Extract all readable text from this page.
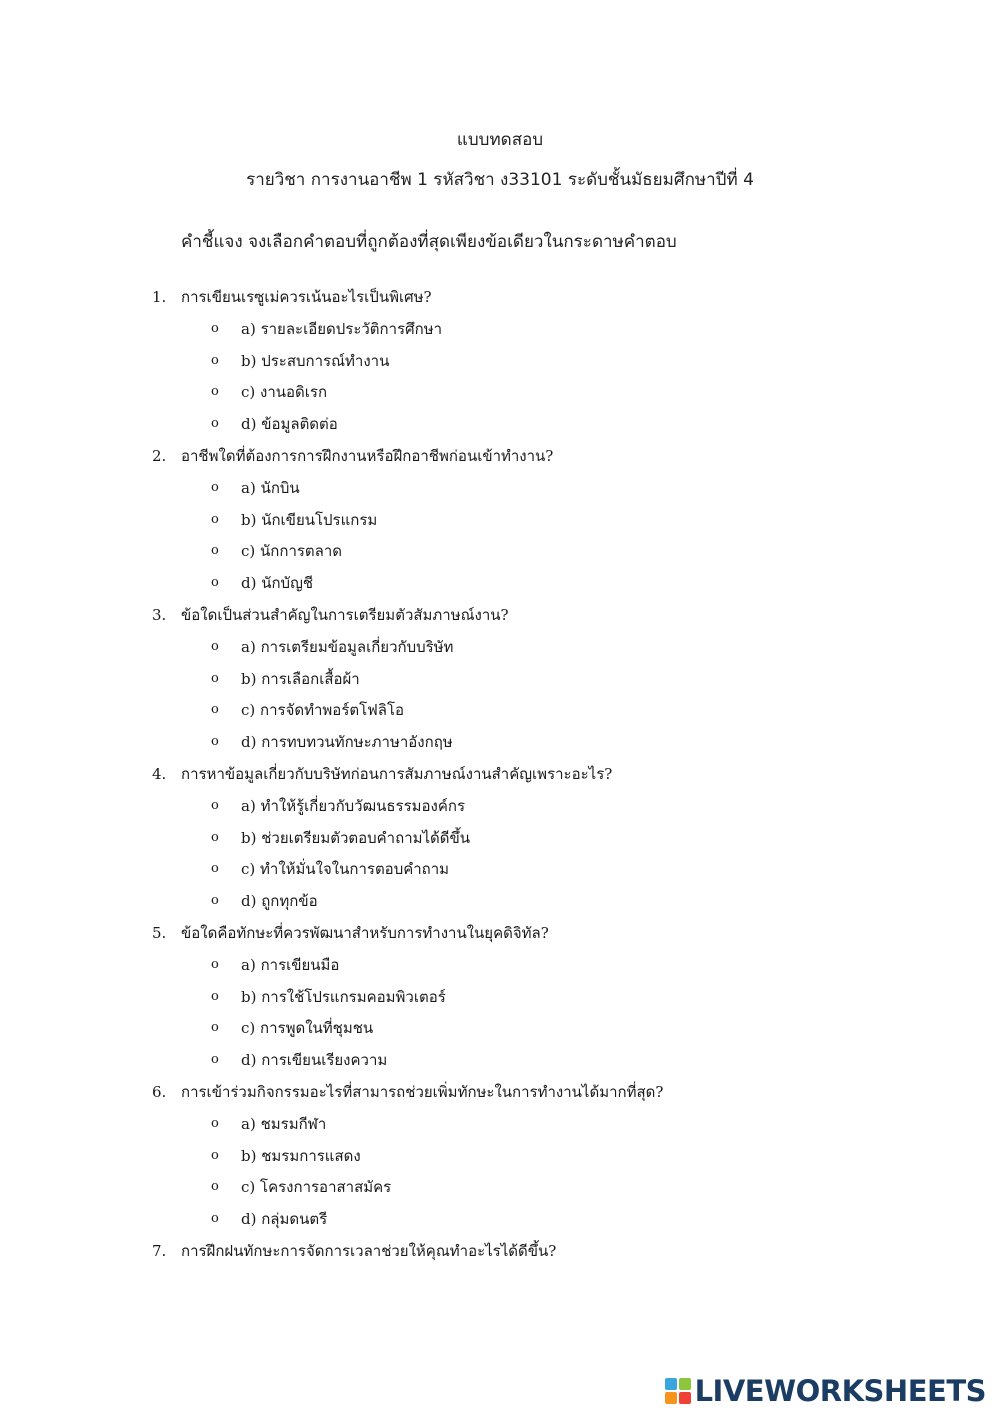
แบบทดสอบ
รายวิชา การงานอาชีพ 1 รหัสวิชา ง33101 ระดับชั้นมัธยมศึกษาปีที่ 4
คำชี้แจง จงเลือกคำตอบที่ถูกต้องที่สุดเพียงข้อเดียวในกระดาษคำตอบ
1. การเขียนเรซูเม่ควรเน้นอะไรเป็นพิเศษ?
o a) รายละเอียดประวัติการศึกษา
o b) ประสบการณ์ทำงาน
o c) งานอดิเรก
o d) ข้อมูลติดต่อ
2. อาชีพใดที่ต้องการการฝึกงานหรือฝึกอาชีพก่อนเข้าทำงาน?
o a) นักบิน
o b) นักเขียนโปรแกรม
o c) นักการตลาด
o d) นักบัญชี
3. ข้อใดเป็นส่วนสำคัญในการเตรียมตัวสัมภาษณ์งาน?
o a) การเตรียมข้อมูลเกี่ยวกับบริษัท
o b) การเลือกเสื้อผ้า
o c) การจัดทำพอร์ตโฟลิโอ
o d) การทบทวนทักษะภาษาอังกฤษ
4. การหาข้อมูลเกี่ยวกับบริษัทก่อนการสัมภาษณ์งานสำคัญเพราะอะไร?
o a) ทำให้รู้เกี่ยวกับวัฒนธรรมองค์กร
o b) ช่วยเตรียมตัวตอบคำถามได้ดีขึ้น
o c) ทำให้มั่นใจในการตอบคำถาม
o d) ถูกทุกข้อ
5. ข้อใดคือทักษะที่ควรพัฒนาสำหรับการทำงานในยุคดิจิทัล?
o a) การเขียนมือ
o b) การใช้โปรแกรมคอมพิวเตอร์
o c) การพูดในที่ชุมชน
o d) การเขียนเรียงความ
6. การเข้าร่วมกิจกรรมอะไรที่สามารถช่วยเพิ่มทักษะในการทำงานได้มากที่สุด?
o a) ชมรมกีฬา
o b) ชมรมการแสดง
o c) โครงการอาสาสมัคร
o d) กลุ่มดนตรี
7. การฝึกฝนทักษะการจัดการเวลาช่วยให้คุณทำอะไรได้ดีขึ้น?
LIVEWORKSHEETS
